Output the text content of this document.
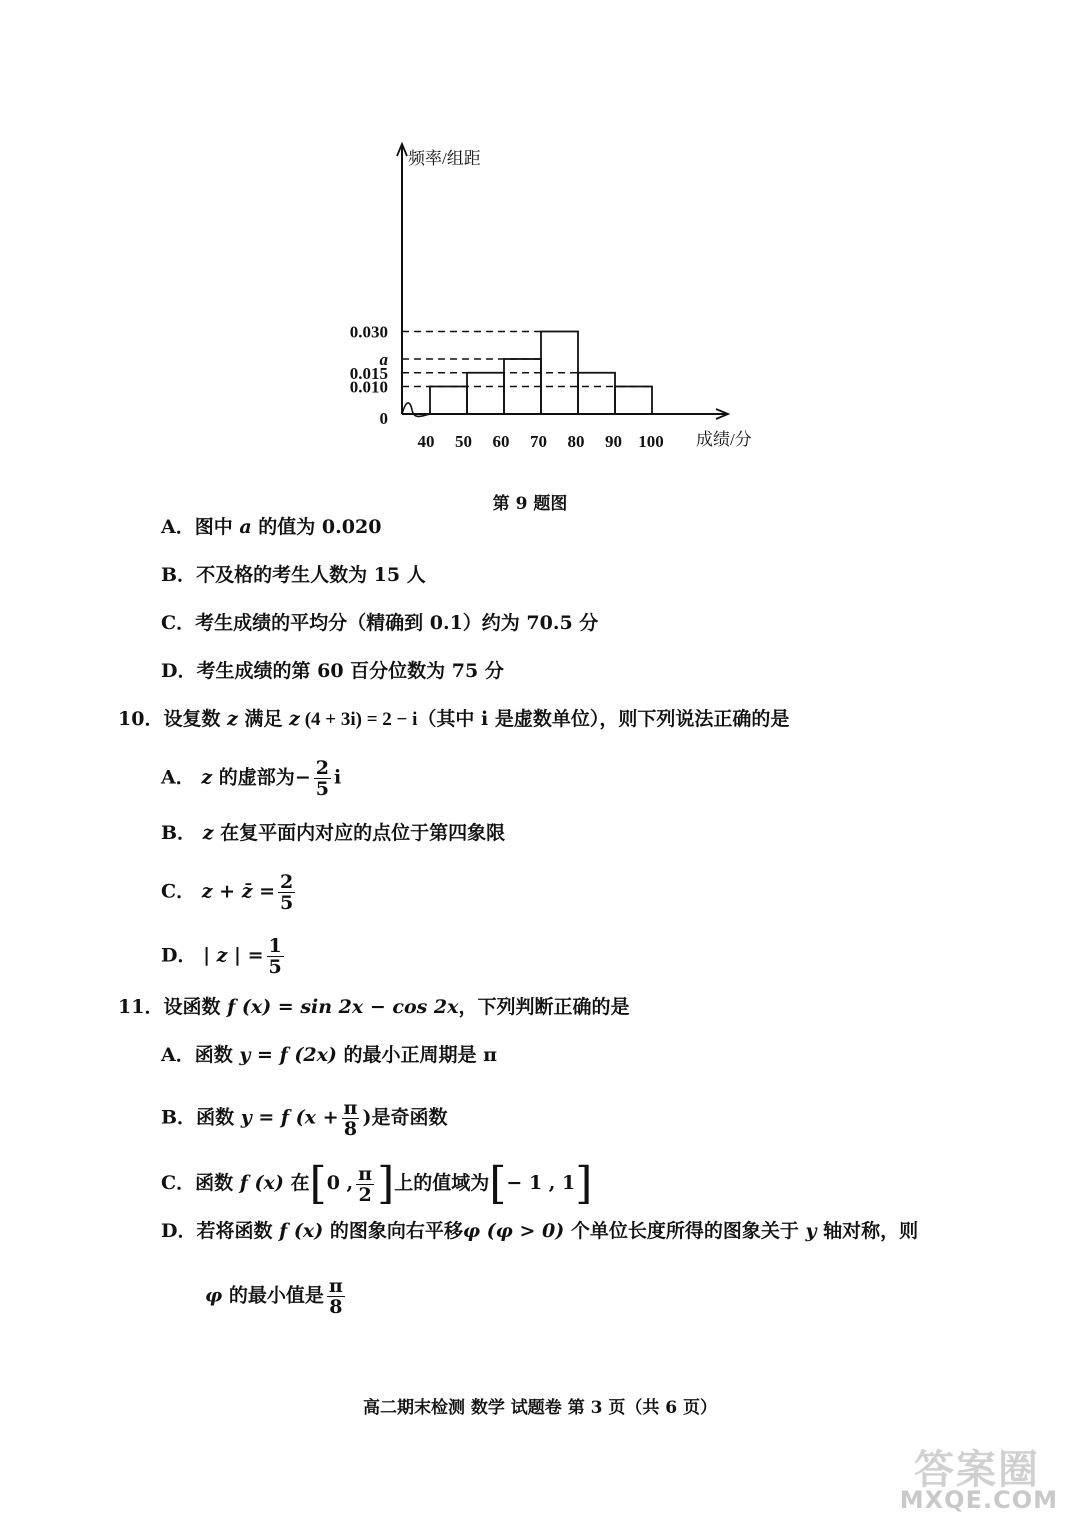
0.030
a
0.015
0.010
0
40 50 60 70 80 90 100
频率/组距
成绩/分
第 9 题图
A．图中 a 的值为 0.020
B．不及格的考生人数为 15 人
C．考生成绩的平均分（精确到 0.1）约为 70.5 分
D．考生成绩的第 60 百分位数为 75 分
10．设复数 z 满足 z (4 + 3i) = 2 − i（其中 i 是虚数单位），则下列说法正确的是
A． z 的虚部为− $\frac{2}{5}$ i
B． z 在复平面内对应的点位于第四象限
C． z + z̄ = $\frac{2}{5}$
D． | z | = $\frac{1}{5}$
11．设函数 f (x) = sin 2x − cos 2x，下列判断正确的是
A．函数 y = f (2x) 的最小正周期是 π
B．函数 y = f ($x + \frac{\pi}{8}$ )是奇函数
C．函数 f (x) 在[0 , $\frac{\pi}{2}$ ]上的值域为[− 1 , 1]
D．若将函数 f (x) 的图象向右平移φ (φ > 0) 个单位长度所得的图象关于 y 轴对称，则
φ 的最小值是 $\frac{\pi}{8}$
高二期末检测 数学 试题卷 第 3 页（共 6 页）
答案圈
MXQE.COM
